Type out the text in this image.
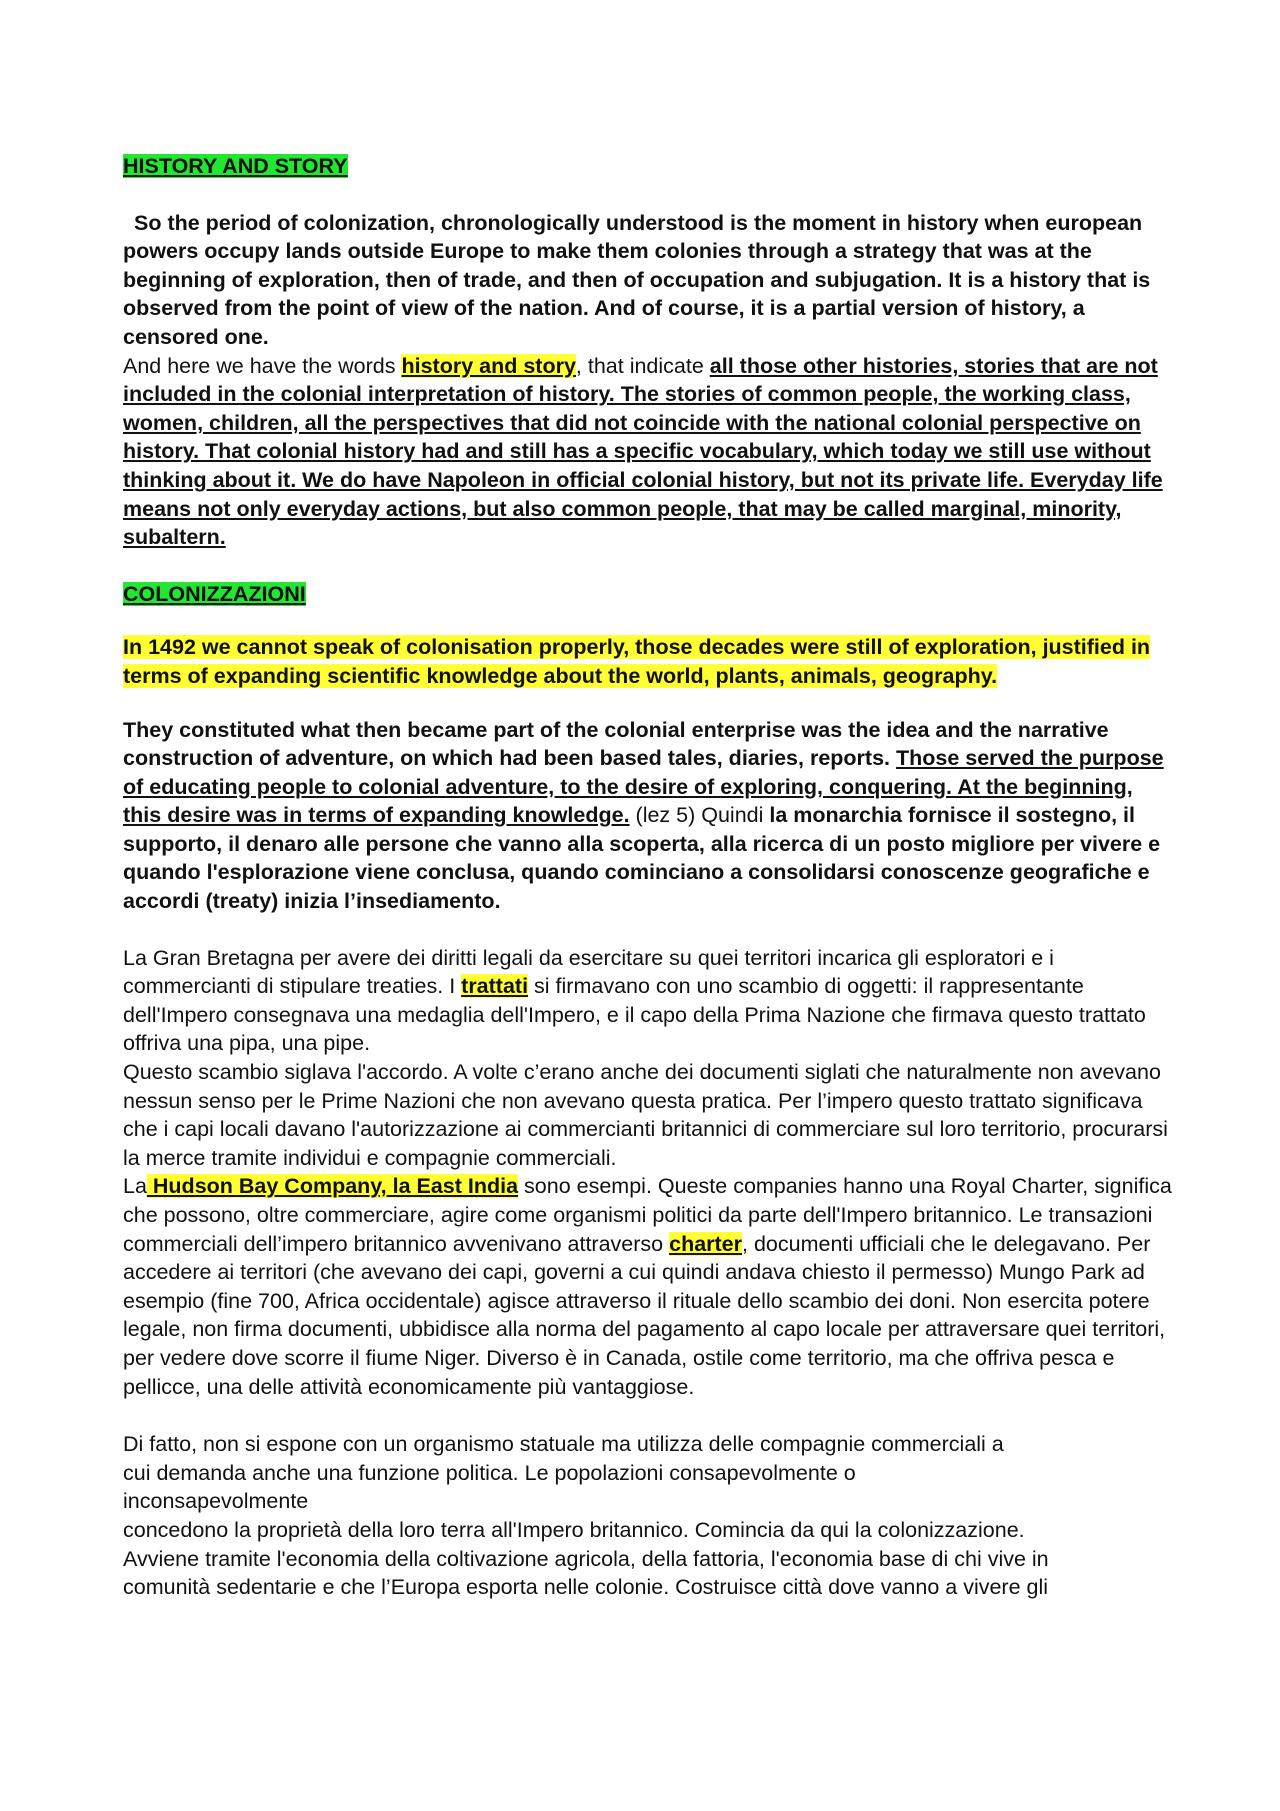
HISTORY AND STORY

So the period of colonization, chronologically understood is the moment in history when european powers occupy lands outside Europe to make them colonies through a strategy that was at the beginning of exploration, then of trade, and then of occupation and subjugation. It is a history that is observed from the point of view of the nation. And of course, it is a partial version of history, a censored one.

And here we have the words history and story, that indicate all those other histories, stories that are not included in the colonial interpretation of history. The stories of common people, the working class, women, children, all the perspectives that did not coincide with the national colonial perspective on history. That colonial history had and still has a specific vocabulary, which today we still use without thinking about it. We do have Napoleon in official colonial history, but not its private life. Everyday life means not only everyday actions, but also common people, that may be called marginal, minority, subaltern.

COLONIZZAZIONI

In 1492 we cannot speak of colonisation properly, those decades were still of exploration, justified in terms of expanding scientific knowledge about the world, plants, animals, geography.

They constituted what then became part of the colonial enterprise was the idea and the narrative construction of adventure, on which had been based tales, diaries, reports. Those served the purpose of educating people to colonial adventure, to the desire of exploring, conquering. At the beginning, this desire was in terms of expanding knowledge. (lez 5) Quindi la monarchia fornisce il sostegno, il supporto, il denaro alle persone che vanno alla scoperta, alla ricerca di un posto migliore per vivere e quando l'esplorazione viene conclusa, quando cominciano a consolidarsi conoscenze geografiche e accordi (treaty) inizia l’insediamento.

La Gran Bretagna per avere dei diritti legali da esercitare su quei territori incarica gli esploratori e i commercianti di stipulare treaties. I trattati si firmavano con uno scambio di oggetti: il rappresentante dell'Impero consegnava una medaglia dell'Impero, e il capo della Prima Nazione che firmava questo trattato offriva una pipa, una pipe.

Questo scambio siglava l'accordo. A volte c’erano anche dei documenti siglati che naturalmente non avevano nessun senso per le Prime Nazioni che non avevano questa pratica. Per l’impero questo trattato significava che i capi locali davano l'autorizzazione ai commercianti britannici di commerciare sul loro territorio, procurarsi la merce tramite individui e compagnie commerciali.

La Hudson Bay Company, la East India sono esempi. Queste companies hanno una Royal Charter, significa che possono, oltre commerciare, agire come organismi politici da parte dell'Impero britannico. Le transazioni commerciali dell’impero britannico avvenivano attraverso charter, documenti ufficiali che le delegavano. Per accedere ai territori (che avevano dei capi, governi a cui quindi andava chiesto il permesso) Mungo Park ad esempio (fine 700, Africa occidentale) agisce attraverso il rituale dello scambio dei doni. Non esercita potere legale, non firma documenti, ubbidisce alla norma del pagamento al capo locale per attraversare quei territori, per vedere dove scorre il fiume Niger. Diverso è in Canada, ostile come territorio, ma che offriva pesca e pellicce, una delle attività economicamente più vantaggiose.

Di fatto, non si espone con un organismo statuale ma utilizza delle compagnie commerciali a

cui demanda anche una funzione politica. Le popolazioni consapevolmente o

inconsapevolmente

concedono la proprietà della loro terra all'Impero britannico. Comincia da qui la colonizzazione.

Avviene tramite l'economia della coltivazione agricola, della fattoria, l'economia base di chi vive in

comunità sedentarie e che l’Europa esporta nelle colonie. Costruisce città dove vanno a vivere gli
